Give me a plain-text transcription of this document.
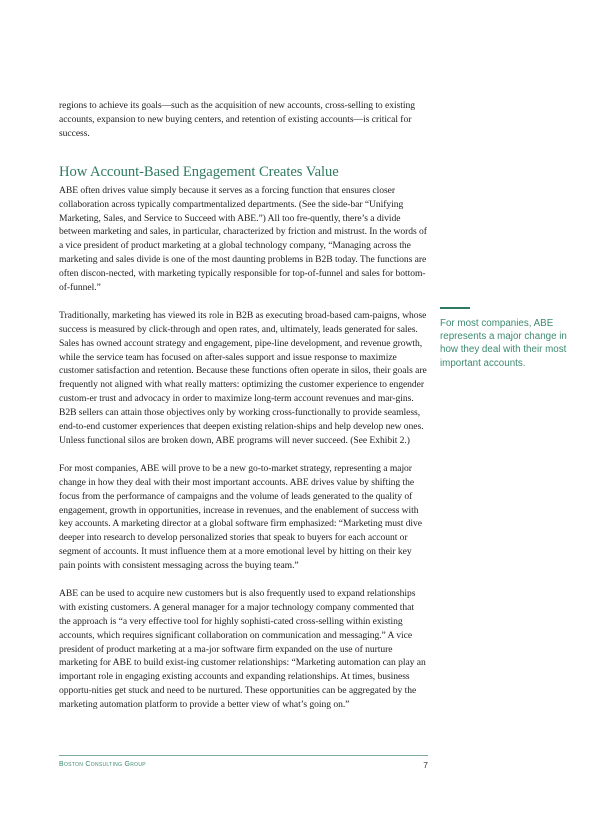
regions to achieve its goals—such as the acquisition of new accounts, cross-selling to existing accounts, expansion to new buying centers, and retention of existing accounts—is critical for success.

How Account-Based Engagement Creates Value

ABE often drives value simply because it serves as a forcing function that ensures closer collaboration across typically compartmentalized departments. (See the side-bar “Unifying Marketing, Sales, and Service to Succeed with ABE.”) All too fre-quently, there’s a divide between marketing and sales, in particular, characterized by friction and mistrust. In the words of a vice president of product marketing at a global technology company, “Managing across the marketing and sales divide is one of the most daunting problems in B2B today. The functions are often discon-nected, with marketing typically responsible for top-of-funnel and sales for bottom-of-funnel.”

Traditionally, marketing has viewed its role in B2B as executing broad-based cam-paigns, whose success is measured by click-through and open rates, and, ultimately, leads generated for sales. Sales has owned account strategy and engagement, pipe-line development, and revenue growth, while the service team has focused on after-sales support and issue response to maximize customer satisfaction and retention. Because these functions often operate in silos, their goals are frequently not aligned with what really matters: optimizing the customer experience to engender custom-er trust and advocacy in order to maximize long-term account revenues and mar-gins. B2B sellers can attain those objectives only by working cross-functionally to provide seamless, end-to-end customer experiences that deepen existing relation-ships and help develop new ones. Unless functional silos are broken down, ABE programs will never succeed. (See Exhibit 2.)

For most companies, ABE will prove to be a new go-to-market strategy, representing a major change in how they deal with their most important accounts. ABE drives value by shifting the focus from the performance of campaigns and the volume of leads generated to the quality of engagement, growth in opportunities, increase in revenues, and the enablement of success with key accounts. A marketing director at a global software firm emphasized: “Marketing must dive deeper into research to develop personalized stories that speak to buyers for each account or segment of accounts. It must influence them at a more emotional level by hitting on their key pain points with consistent messaging across the buying team.”

ABE can be used to acquire new customers but is also frequently used to expand relationships with existing customers. A general manager for a major technology company commented that the approach is “a very effective tool for highly sophisti-cated cross-selling within existing accounts, which requires significant collaboration on communication and messaging.” A vice president of product marketing at a ma-jor software firm expanded on the use of nurture marketing for ABE to build exist-ing customer relationships: “Marketing automation can play an important role in engaging existing accounts and expanding relationships. At times, business opportu-nities get stuck and need to be nurtured. These opportunities can be aggregated by the marketing automation platform to provide a better view of what’s going on.”

For most companies, ABE represents a major change in how they deal with their most important accounts.
Boston Consulting Group	7
